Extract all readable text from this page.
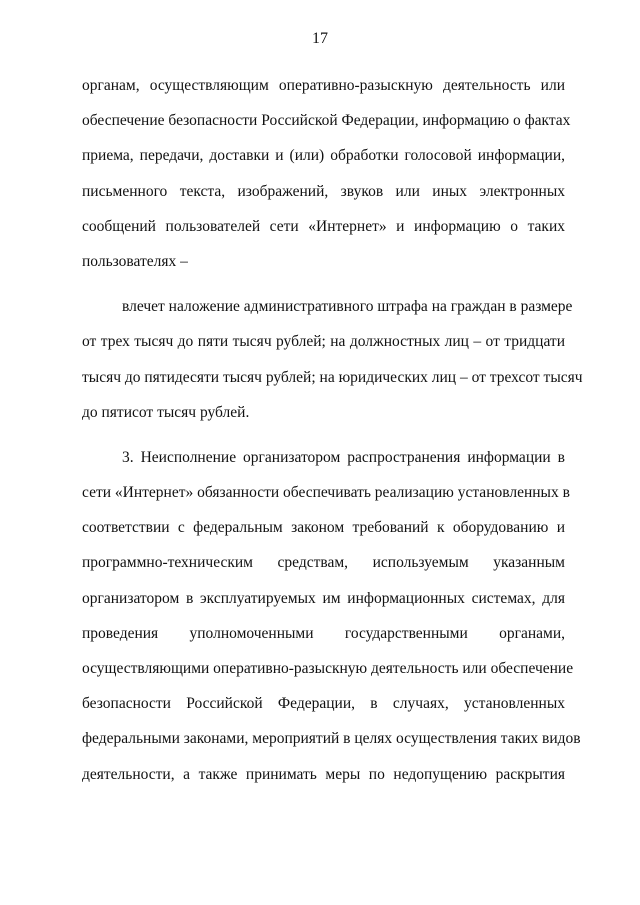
17
органам, осуществляющим оперативно-разыскную деятельность или
обеспечение безопасности Российской Федерации, информацию о фактах
приема, передачи, доставки и (или) обработки голосовой информации,
письменного текста, изображений, звуков или иных электронных
сообщений пользователей сети «Интернет» и информацию о таких
пользователях –
влечет наложение административного штрафа на граждан в размере
от трех тысяч до пяти тысяч рублей; на должностных лиц – от тридцати
тысяч до пятидесяти тысяч рублей; на юридических лиц – от трехсот тысяч
до пятисот тысяч рублей.
3. Неисполнение организатором распространения информации в
сети «Интернет» обязанности обеспечивать реализацию установленных в
соответствии с федеральным законом требований к оборудованию и
программно-техническим средствам, используемым указанным
организатором в эксплуатируемых им информационных системах, для
проведения уполномоченными государственными органами,
осуществляющими оперативно-разыскную деятельность или обеспечение
безопасности Российской Федерации, в случаях, установленных
федеральными законами, мероприятий в целях осуществления таких видов
деятельности, а также принимать меры по недопущению раскрытия
